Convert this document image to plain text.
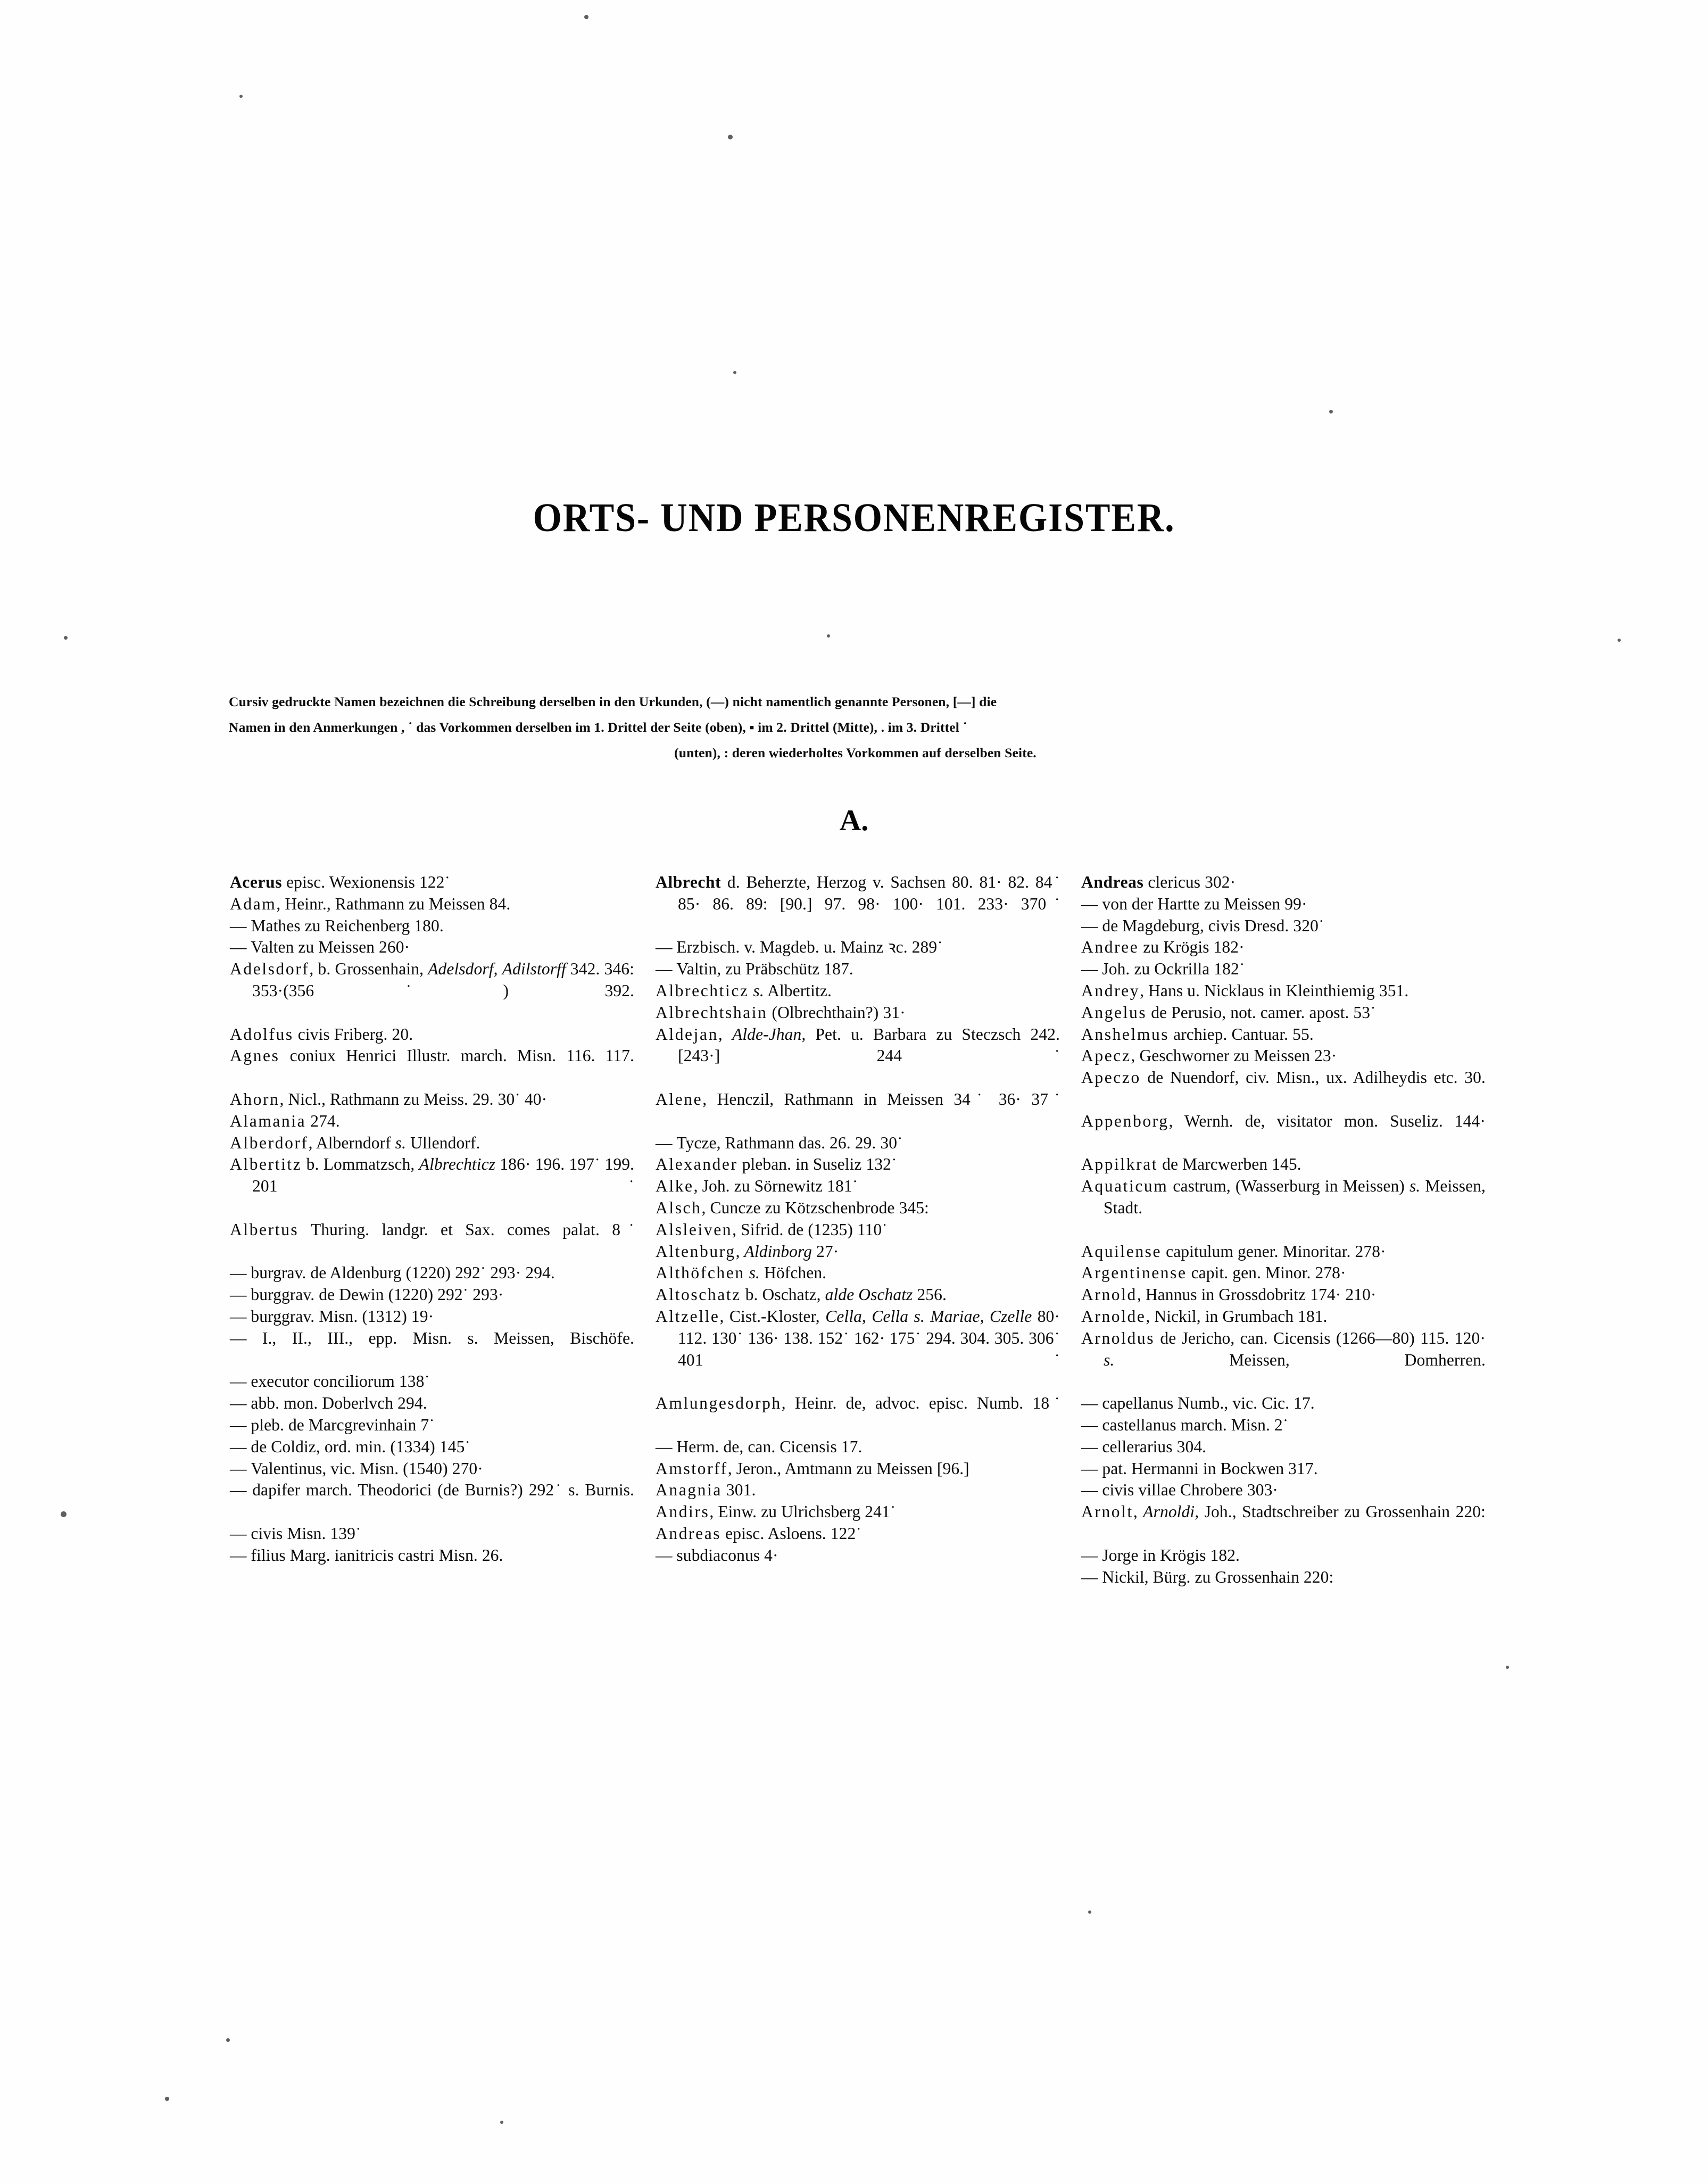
ORTS- UND PERSONENREGISTER.
Cursiv gedruckte Namen bezeichnen die Schreibung derselben in den Urkunden, (—) nicht namentlich genannte Personen, [—] die
Namen in den Anmerkungen , ˙ das Vorkommen derselben im 1. Drittel der Seite (oben), ▪ im 2. Drittel (Mitte), . im 3. Drittel ˙
(unten), : deren wiederholtes Vorkommen auf derselben Seite.
A.
Acerus episc. Wexionensis 122˙
Adam, Heinr., Rathmann zu Meissen 84.
— Mathes zu Reichenberg 180.
— Valten zu Meissen 260·
Adelsdorf, b. Grossenhain, Adelsdorf, Adilstorff 342. 346: 353·(356˙)	392.
Adolfus civis Friberg. 20.
Agnes coniux Henrici Illustr. march. Misn. 116. 117.
Ahorn, Nicl., Rathmann zu Meiss. 29. 30˙ 40·
Alamania 274.
Alberdorf, Alberndorf s. Ullendorf.
Albertitz b. Lommatzsch, Albrechticz 186· 196. 197˙ 199. 201˙
Albertus Thuring. landgr. et Sax. comes palat. 8˙
— burgrav. de Aldenburg (1220) 292˙ 293· 294.
— burggrav. de Dewin (1220) 292˙ 293·
— burggrav. Misn. (1312) 19·
— I., II., III., epp. Misn. s. Meissen, Bischöfe.
— executor conciliorum 138˙
— abb. mon. Doberlvch 294.
— pleb. de Marcgrevinhain 7˙
— de Coldiz, ord. min. (1334) 145˙
— Valentinus, vic. Misn. (1540) 270·
— dapifer march. Theodorici (de Burnis?) 292˙ s. Burnis.
— civis Misn. 139˙
— filius Marg. ianitricis castri Misn. 26.
Albrecht d. Beherzte, Herzog v. Sachsen 80. 81· 82. 84˙ 85· 86. 89: [90.] 97. 98· 100· 101. 233· 370˙
— Erzbisch. v. Magdeb. u. Mainz ꝛc. 289˙
— Valtin, zu Präbschütz 187.
Albrechticz s. Albertitz.
Albrechtshain (Olbrechthain?) 31·
Aldejan, Alde-Jhan, Pet. u. Barbara zu Steczsch 242. [243·]	244˙
Alene, Henczil, Rathmann in Meissen 34˙ 36· 37˙
— Tycze, Rathmann das. 26. 29. 30˙
Alexander pleban. in Suseliz 132˙
Alke, Joh. zu Sörnewitz 181˙
Alsch, Cuncze zu Kötzschenbrode 345:
Alsleiven, Sifrid. de (1235) 110˙
Altenburg, Aldinborg 27·
Althöfchen s. Höfchen.
Altoschatz b. Oschatz, alde Oschatz 256.
Altzelle, Cist.-Kloster, Cella, Cella s. Mariae, Czelle 80· 112. 130˙ 136· 138. 152˙ 162· 175˙ 294. 304. 305. 306˙ 401˙
Amlungesdorph, Heinr. de, advoc. episc. Numb. 18˙
— Herm. de, can. Cicensis 17.
Amstorff, Jeron., Amtmann zu Meissen [96.]
Anagnia 301.
Andirs, Einw. zu Ulrichsberg 241˙
Andreas episc. Asloens. 122˙
— subdiaconus 4·
Andreas clericus 302·
— von der Hartte zu Meissen 99·
— de Magdeburg, civis Dresd. 320˙
Andree zu Krögis 182·
— Joh. zu Ockrilla 182˙
Andrey, Hans u. Nicklaus in Kleinthiemig 351.
Angelus de Perusio, not. camer. apost. 53˙
Anshelmus archiep. Cantuar. 55.
Apecz, Geschworner zu Meissen 23·
Apeczo de Nuendorf, civ. Misn., ux. Adilheydis etc. 30.
Appenborg, Wernh. de, visitator mon. Suseliz. 144·
Appilkrat de Marcwerben 145.
Aquaticum castrum, (Wasserburg in Meissen) s. Meissen, Stadt.
Aquilense capitulum gener. Minoritar. 278·
Argentinense capit. gen. Minor. 278·
Arnold, Hannus in Grossdobritz 174· 210·
Arnolde, Nickil, in Grumbach 181.
Arnoldus de Jericho, can. Cicensis (1266—80) 115. 120· s.	Meissen,	Domherren.
— capellanus Numb., vic. Cic. 17.
— castellanus march. Misn. 2˙
— cellerarius 304.
— pat. Hermanni in Bockwen 317.
— civis villae Chrobere 303·
Arnolt, Arnoldi, Joh., Stadtschreiber zu Grossenhain 220:
— Jorge in Krögis 182.
— Nickil, Bürg. zu Grossenhain 220:
